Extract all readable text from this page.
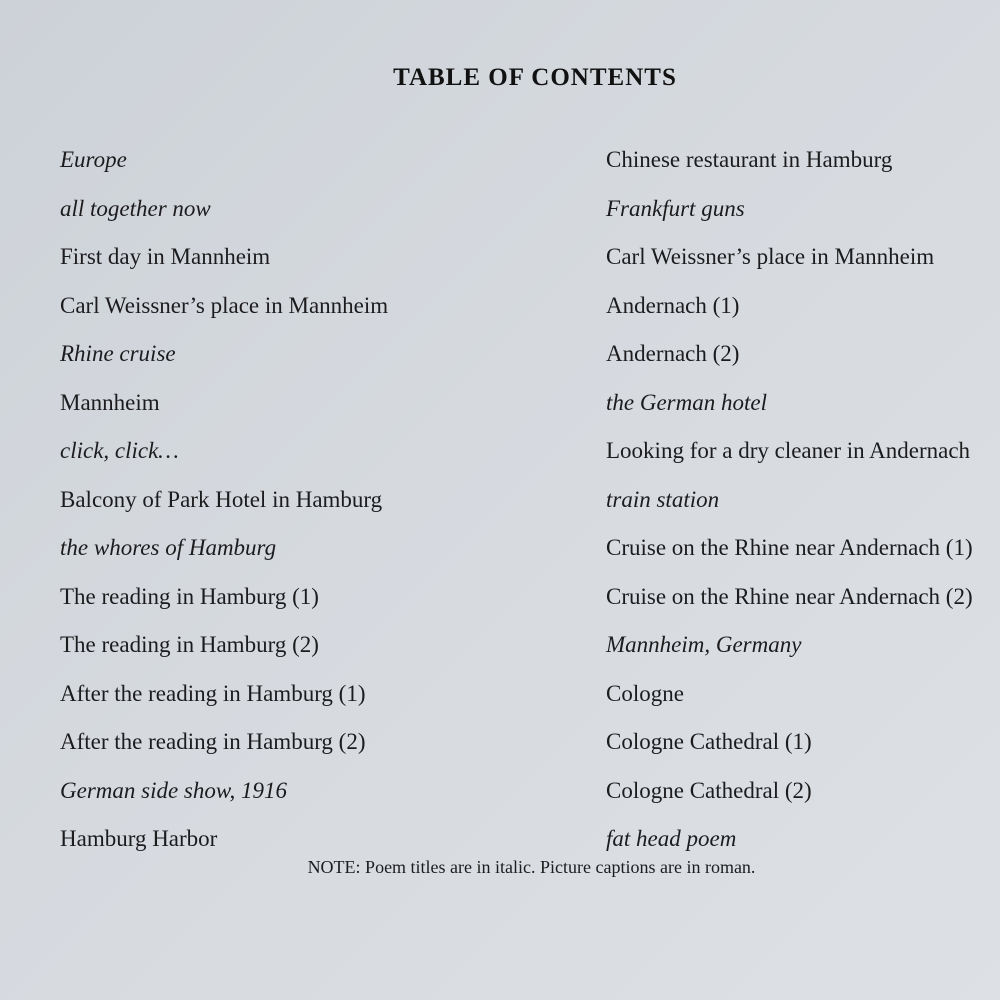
TABLE OF CONTENTS
Europe
all together now
First day in Mannheim
Carl Weissner’s place in Mannheim
Rhine cruise
Mannheim
click, click…
Balcony of Park Hotel in Hamburg
the whores of Hamburg
The reading in Hamburg (1)
The reading in Hamburg (2)
After the reading in Hamburg (1)
After the reading in Hamburg (2)
German side show, 1916
Hamburg Harbor
Chinese restaurant in Hamburg
Frankfurt guns
Carl Weissner’s place in Mannheim
Andernach (1)
Andernach (2)
the German hotel
Looking for a dry cleaner in Andernach
train station
Cruise on the Rhine near Andernach (1)
Cruise on the Rhine near Andernach (2)
Mannheim, Germany
Cologne
Cologne Cathedral (1)
Cologne Cathedral (2)
fat head poem
NOTE: Poem titles are in italic. Picture captions are in roman.
